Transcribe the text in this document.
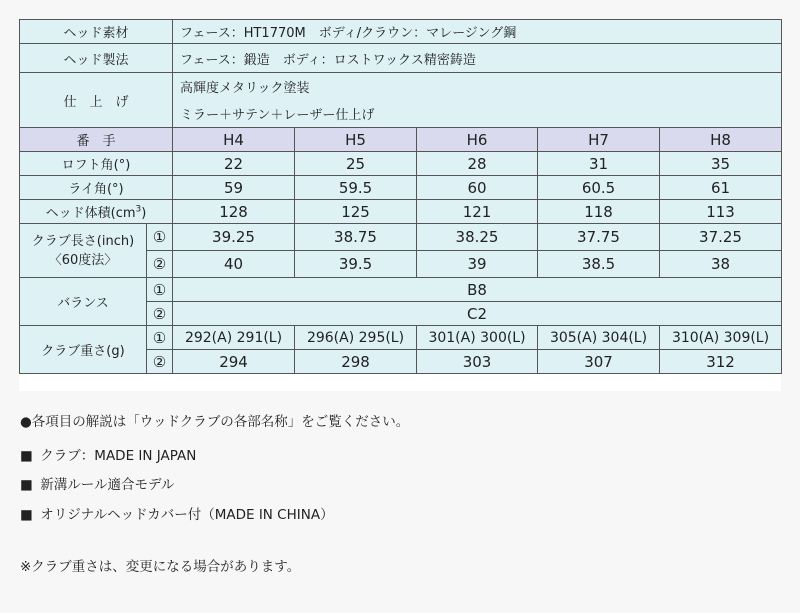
ヘッド素材		フェース：HT1770M　ボディ/クラウン：マレージング鋼				
ヘッド製法		フェース：鍛造　ボディ：ロストワックス精密鋳造				
仕　上　げ		高輝度メタリック塗装				
		ミラー＋サテン＋レーザー仕上げ				
番　手		H4	H5	H6	H7	H8
ロフト角(°)		22	25	28	31	35
ライ角(°)		59	59.5	60	60.5	61
ヘッド体積$(cm^3)$		128	125	121	118	113

クラブ長さ(inch)
〈60度法〉	①	39.25	38.75	38.25	37.75	37.25
	②	40	39.5	39	38.5	38
バランス	①	B8				
	②	C2				
クラブ重さ(g)	①	292(A) 291(L)	296(A) 295(L)	301(A) 300(L)	305(A) 304(L)	310(A) 309(L)
	②	294	298	303	307	312

●各項目の解説は「ウッドクラブの各部名称」をご覧ください。

■ クラブ：MADE IN JAPAN

■ 新溝ルール適合モデル

■ オリジナルヘッドカバー付（MADE IN CHINA）

※クラブ重さは、変更になる場合があります。
